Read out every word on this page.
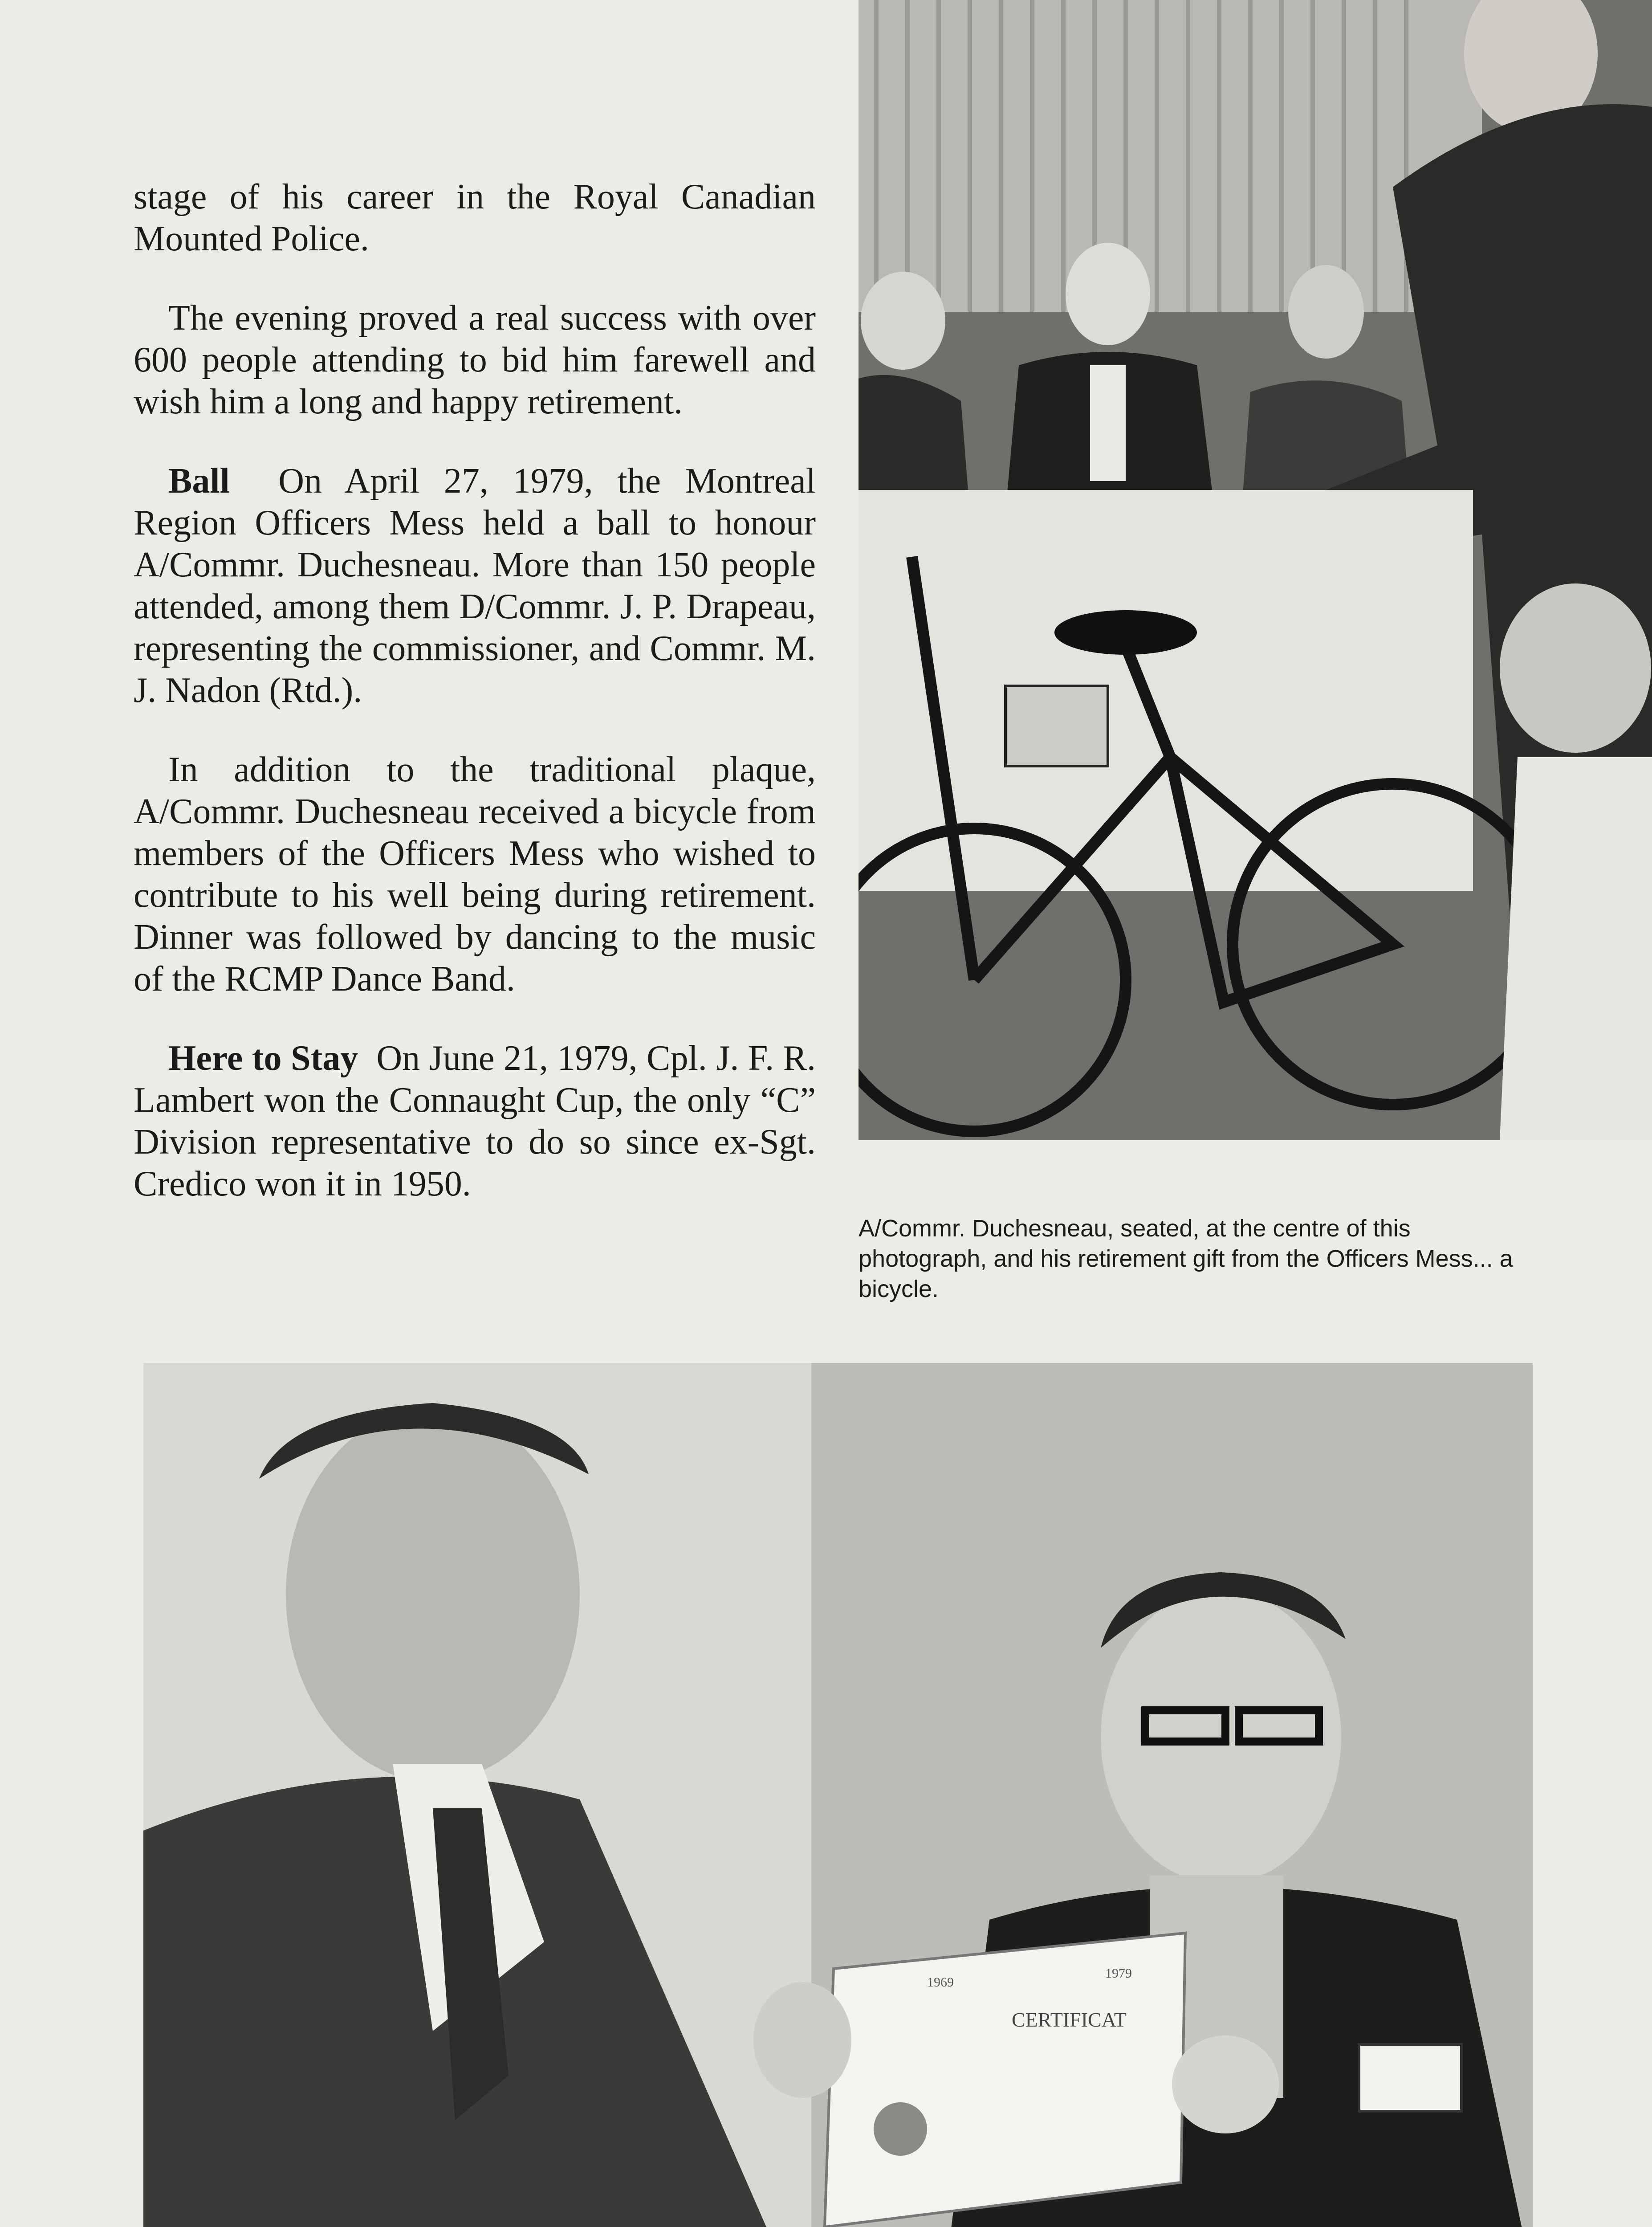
stage of his career in the Royal Canadian Mounted Police.

The evening proved a real success with over 600 people attending to bid him farewell and wish him a long and happy retirement.

Ball On April 27, 1979, the Montreal Region Officers Mess held a ball to honour A/Commr. Duchesneau. More than 150 people attended, among them D/Commr. J. P. Drapeau, representing the commissioner, and Commr. M. J. Nadon (Rtd.).

In addition to the traditional plaque, A/Commr. Duchesneau received a bicycle from members of the Officers Mess who wished to contribute to his well being during retirement. Dinner was followed by dancing to the music of the RCMP Dance Band.

Here to Stay On June 21, 1979, Cpl. J. F. R. Lambert won the Connaught Cup, the only “C” Division representative to do so since ex-Sgt. Credico won it in 1950.

A/Commr. Duchesneau, seated, at the centre of this photograph, and his retirement gift from the Officers Mess... a bicycle.
CERTIFICAT
1969
1979
